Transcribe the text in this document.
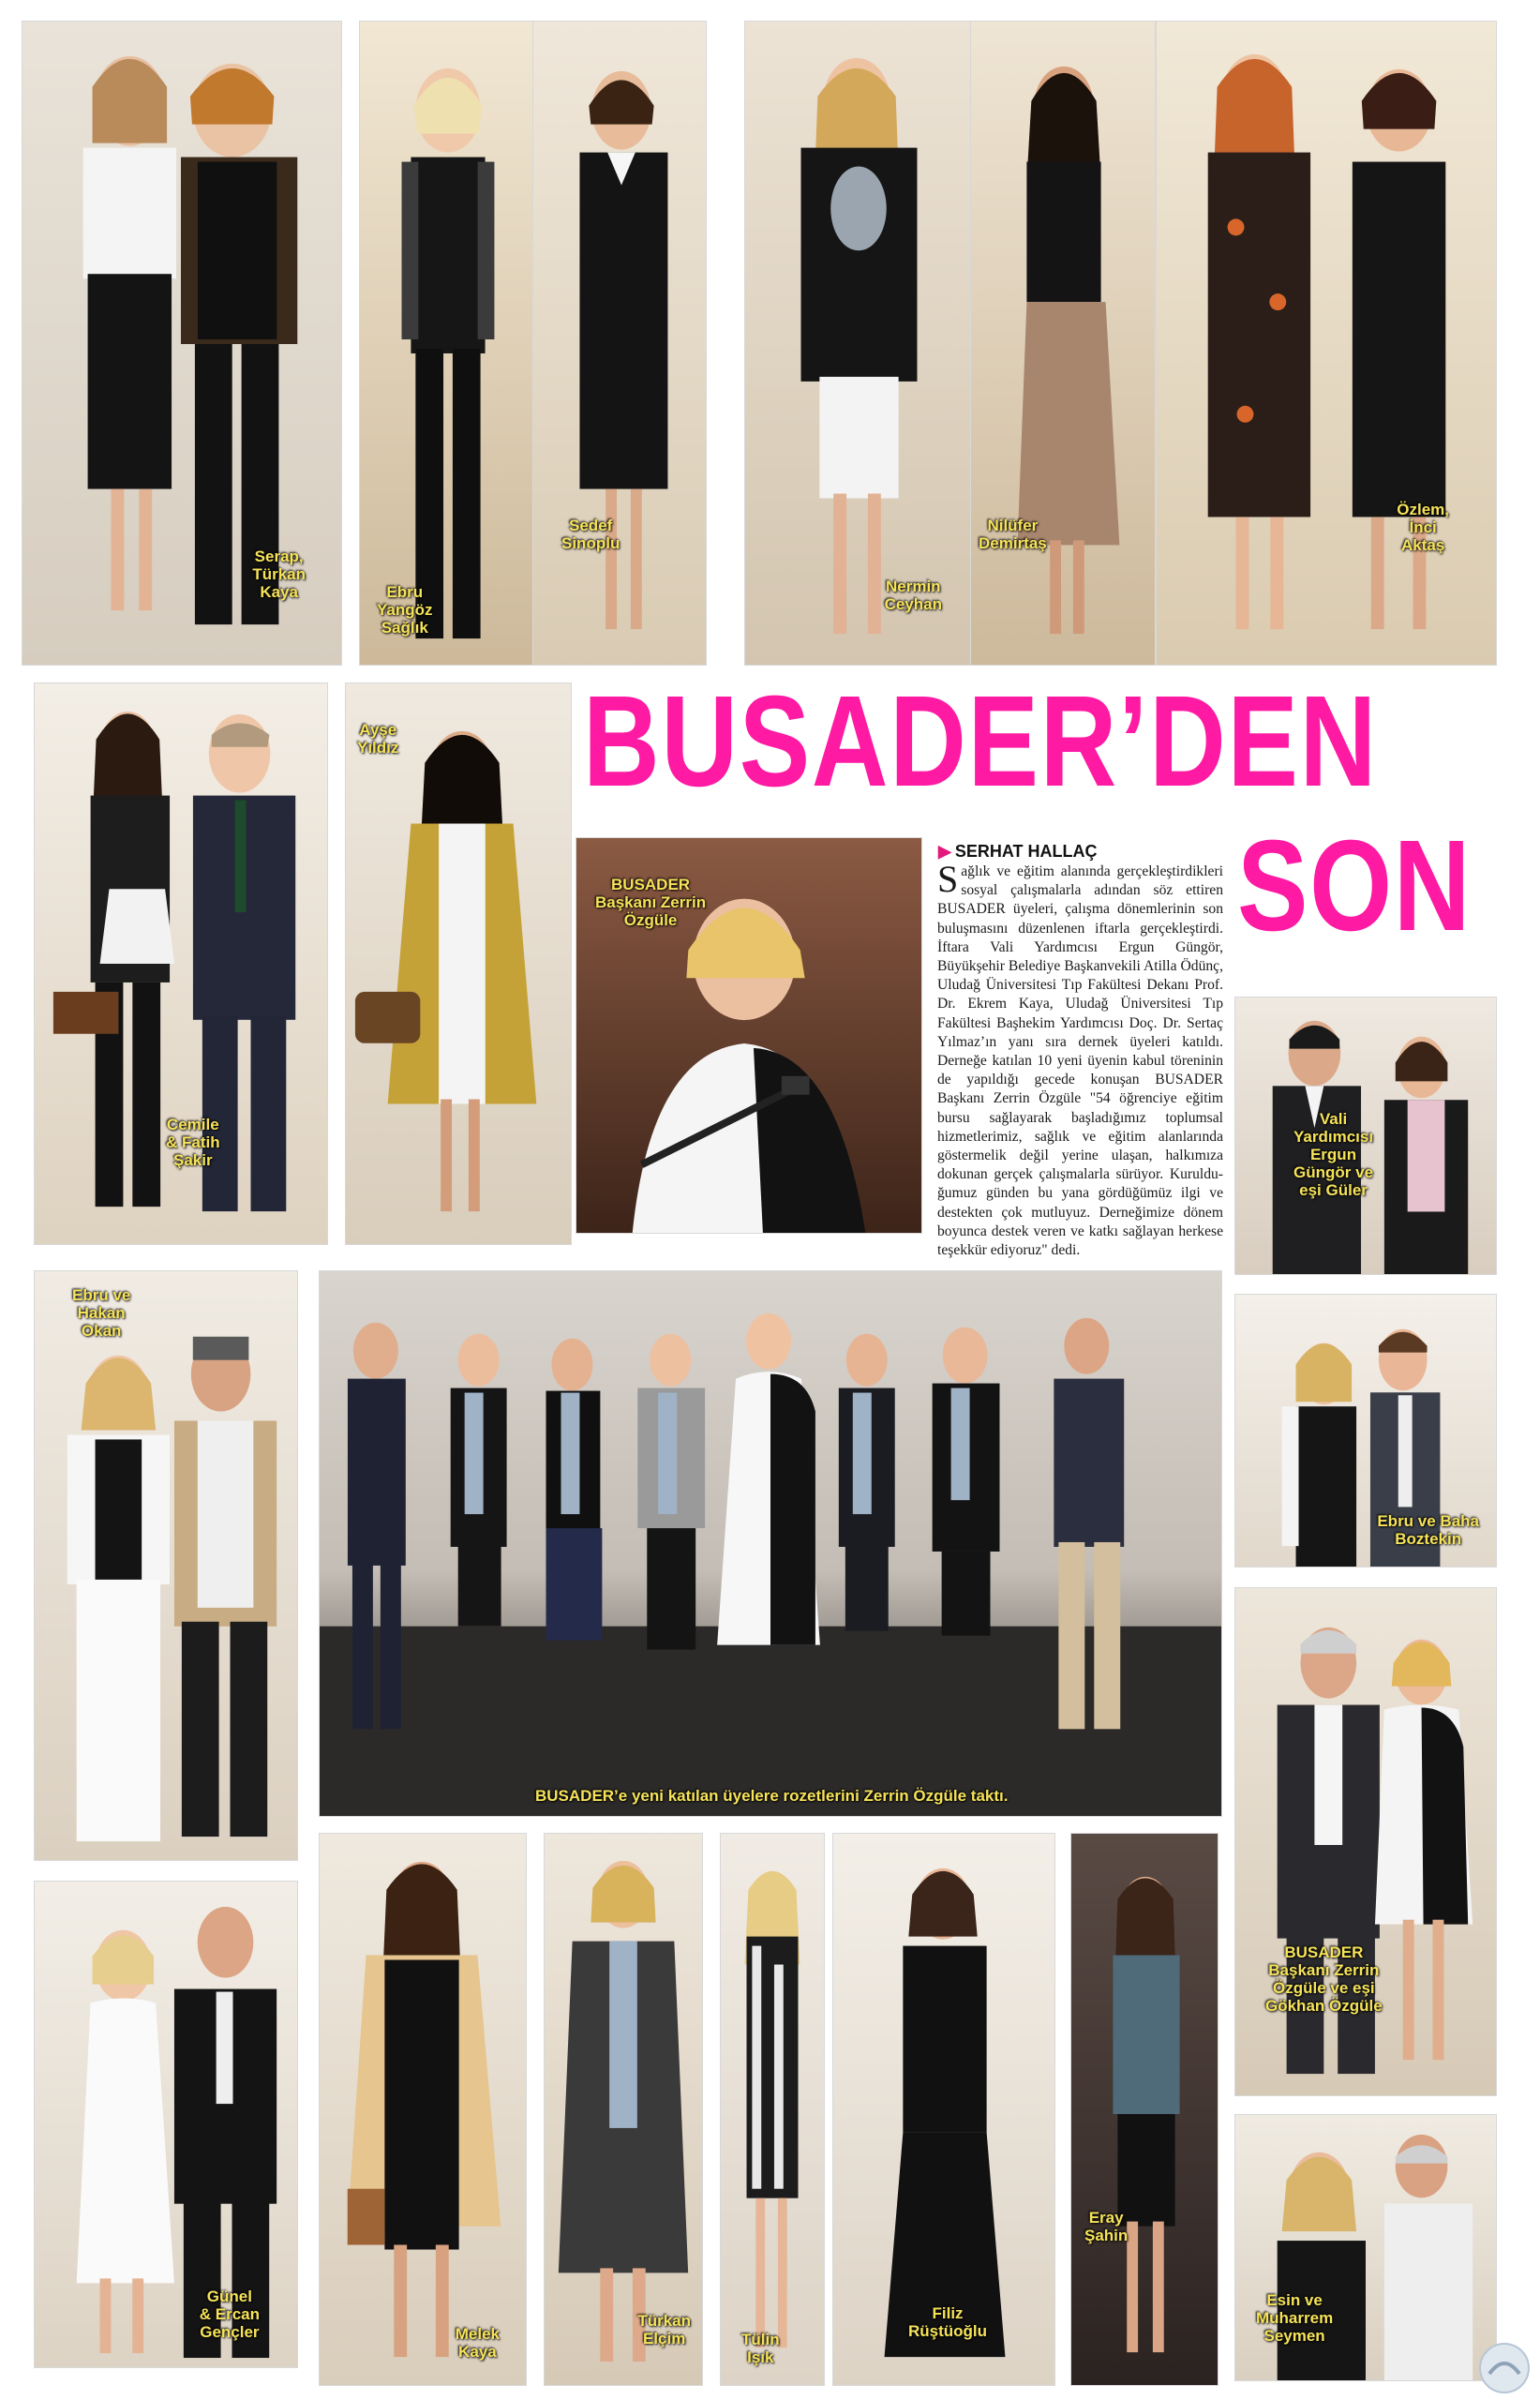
Serap,
Türkan
Kaya	Ebru
Yangöz
Sağlık
Sedef
Sinoplu
Nermin
Ceyhan
Nilüfer
Demirtaş
Özlem,
İnci
Aktaş
Cemile
& Fatih
Şakir
Ayşe
Yıldız BUSADER’DEN
SON
BUSADER
Başkanı Zerrin
Özgüle
▶ SERHAT HALLAÇ
Sağlık ve eğitim alanında gerçekleştirdikleri sosyal çalışmalarla adından söz ettiren BUSADER üyeleri, çalışma dönemlerinin son buluşmasını düzenlenen iftarla gerçekleştirdi. İftara Vali Yardımcısı Ergun Güngör, Büyükşehir Belediye Başkanvekili Atilla Ödünç, Uludağ Üniversitesi Tıp Fakültesi Dekanı Prof. Dr. Ekrem Kaya, Uludağ Üniversitesi Tıp Fakültesi Başhekim Yardımcısı Doç. Dr. Sertaç Yılmaz’ın yanı sıra dernek üyeleri katıldı. Derneğe katılan 10 yeni üyenin kabul töreninin de yapıldığı gecede konuşan BUSADER Başkanı Zerrin Özgüle "54 öğrenciye eğitim bursu sağlayarak başladığımız toplumsal hizmetlerimiz, sağlık ve eğitim alanlarında göstermelik değil yerine ulaşan, halkımıza dokunan gerçek çalışmalarla sürüyor. Kurulduğumuz günden bu yana gördüğümüz ilgi ve destekten çok mutluyuz. Derneğimize dönem boyunca destek veren ve katkı sağlayan herkese teşekkür ediyoruz" dedi.
Vali
Yardımcısı
Ergun
Güngör ve
eşi Güler
Ebru ve
Hakan
Okan
BUSADER’e yeni katılan üyelere rozetlerini Zerrin Özgüle taktı.
Ebru ve Baha
Boztekin
BUSADER
Başkanı Zerrin
Özgüle ve eşi
Gökhan Özgüle
Günel
& Ercan
Gençler	Melek
Kaya
Türkan
Elçim	Tülin
Işık
Filiz
Rüştüoğlu
Eray
Şahin
Esin ve
Muharrem
Seymen
